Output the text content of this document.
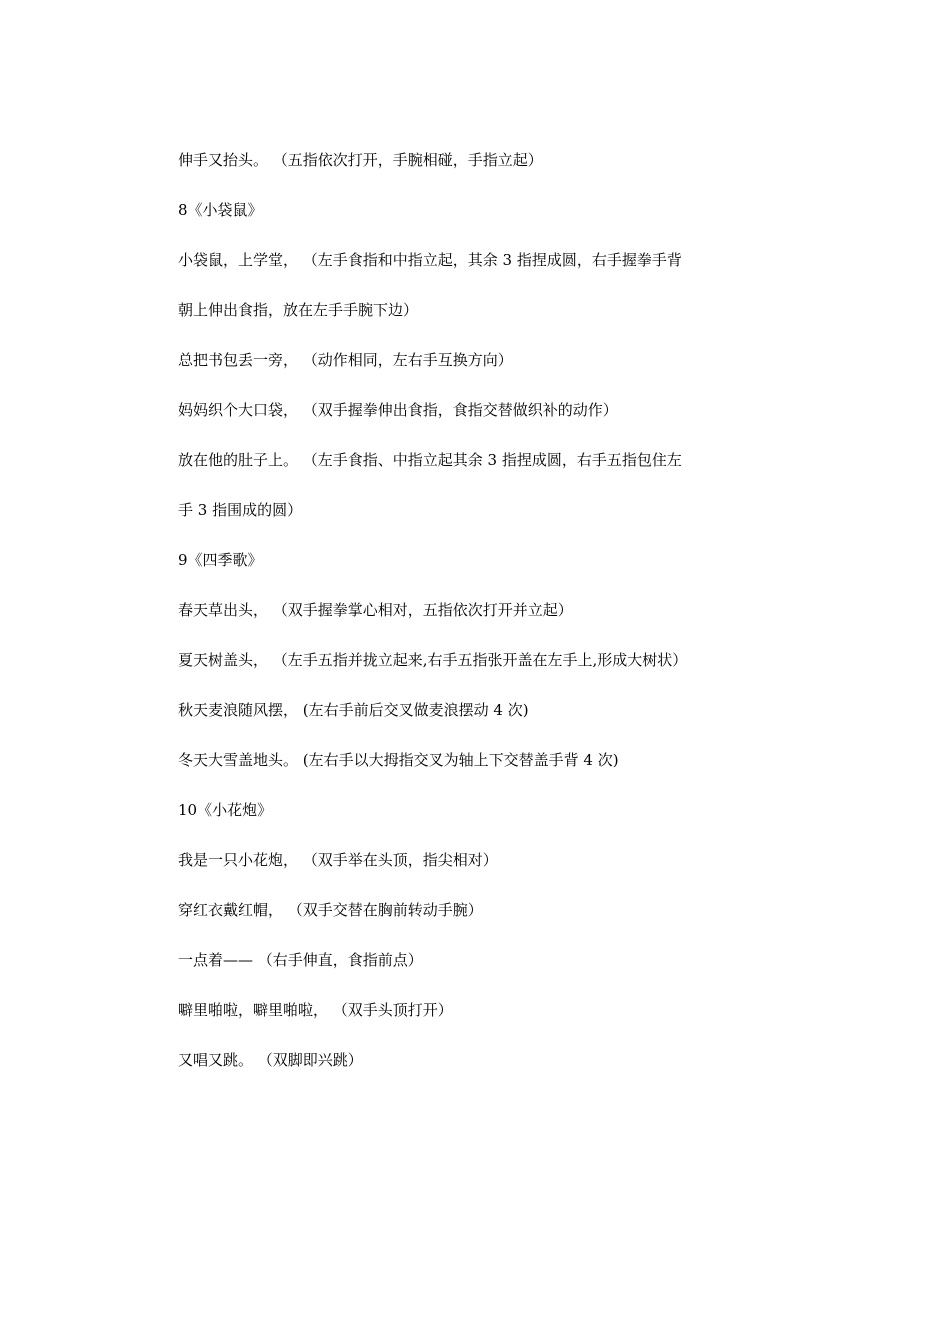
伸手又抬头。 （五指依次打开，手腕相碰，手指立起）
8《小袋鼠》
小袋鼠，上学堂， （左手食指和中指立起，其余 3 指捏成圆，右手握拳手背
朝上伸出食指，放在左手手腕下边）
总把书包丢一旁， （动作相同，左右手互换方向）
妈妈织个大口袋， （双手握拳伸出食指，食指交替做织补的动作）
放在他的肚子上。 （左手食指、中指立起其余 3 指捏成圆，右手五指包住左
手 3 指围成的圆）
9《四季歌》
春天草出头， （双手握拳掌心相对，五指依次打开并立起）
夏天树盖头， （左手五指并拢立起来,右手五指张开盖在左手上,形成大树状）
秋天麦浪随风摆， (左右手前后交叉做麦浪摆动 4 次)
冬天大雪盖地头。 (左右手以大拇指交叉为轴上下交替盖手背 4 次)
10《小花炮》
我是一只小花炮， （双手举在头顶，指尖相对）
穿红衣戴红帽， （双手交替在胸前转动手腕）
一点着—— （右手伸直，食指前点）
噼里啪啦，噼里啪啦， （双手头顶打开）
又唱又跳。 （双脚即兴跳）
